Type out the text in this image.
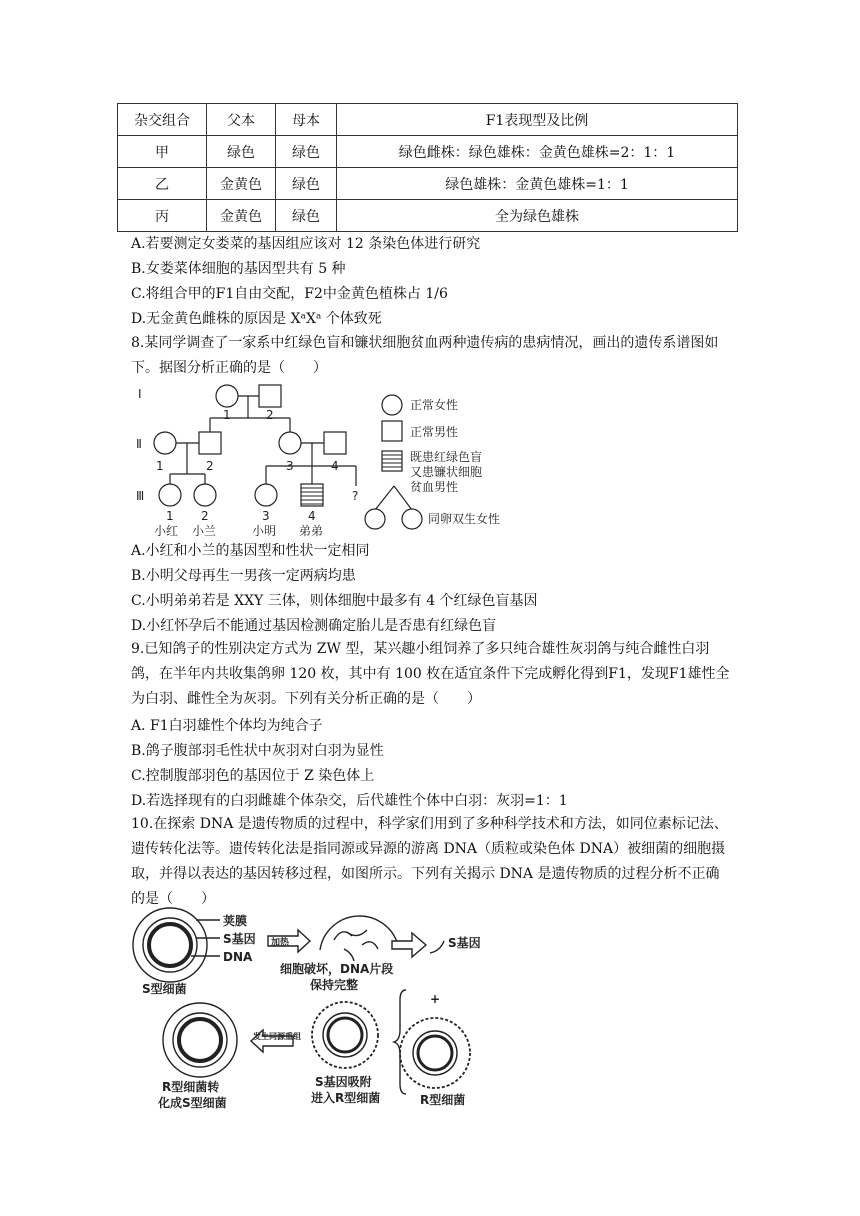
杂交组合	父本	母本	F1表现型及比例
甲	绿色	绿色	绿色雌株：绿色雄株：金黄色雄株=2：1：1
乙	金黄色	绿色	绿色雄株：金黄色雄株=1：1
丙	金黄色	绿色	全为绿色雄株
A.若要测定女娄菜的基因组应该对 12 条染色体进行研究
B.女娄菜体细胞的基因型共有 5 种
C.将组合甲的F1自由交配，F2中金黄色植株占 1/6
D.无金黄色雌株的原因是 XᵃXᵃ 个体致死
8.某同学调查了一家系中红绿色盲和镰状细胞贫血两种遗传病的患病情况，画出的遗传系谱图如下。据图分析正确的是（　　）
I
Ⅱ
Ⅲ
1	2
1	2	3	4
1 2	3	4
?
小红 小兰	小明 弟弟
正常女性
正常男性
既患红绿色盲
又患镰状细胞
贫血男性
同卵双生女性
A.小红和小兰的基因型和性状一定相同
B.小明父母再生一男孩一定两病均患
C.小明弟弟若是 XXY 三体，则体细胞中最多有 4 个红绿色盲基因
D.小红怀孕后不能通过基因检测确定胎儿是否患有红绿色盲
9.已知鸽子的性别决定方式为 ZW 型，某兴趣小组饲养了多只纯合雄性灰羽鸽与纯合雌性白羽鸽，在半年内共收集鸽卵 120 枚，其中有 100 枚在适宜条件下完成孵化得到F1，发现F1雄性全为白羽、雌性全为灰羽。下列有关分析正确的是（　　）
A. F1白羽雄性个体均为纯合子
B.鸽子腹部羽毛性状中灰羽对白羽为显性
C.控制腹部羽色的基因位于 Z 染色体上
D.若选择现有的白羽雌雄个体杂交，后代雄性个体中白羽：灰羽=1：1
10.在探索 DNA 是遗传物质的过程中，科学家们用到了多种科学技术和方法，如同位素标记法、遗传转化法等。遗传转化法是指同源或异源的游离 DNA（质粒或染色体 DNA）被细菌的细胞摄取，并得以表达的基因转移过程，如图所示。下列有关揭示 DNA 是遗传物质的过程分析不正确的是（　　）
荚膜
S基因
DNA
S型细菌
加热
细胞破坏，DNA片段
保持完整
S基因
+
发生同源重组
R型细菌转
化成S型细菌
S基因吸附
进入R型细菌	R型细菌
